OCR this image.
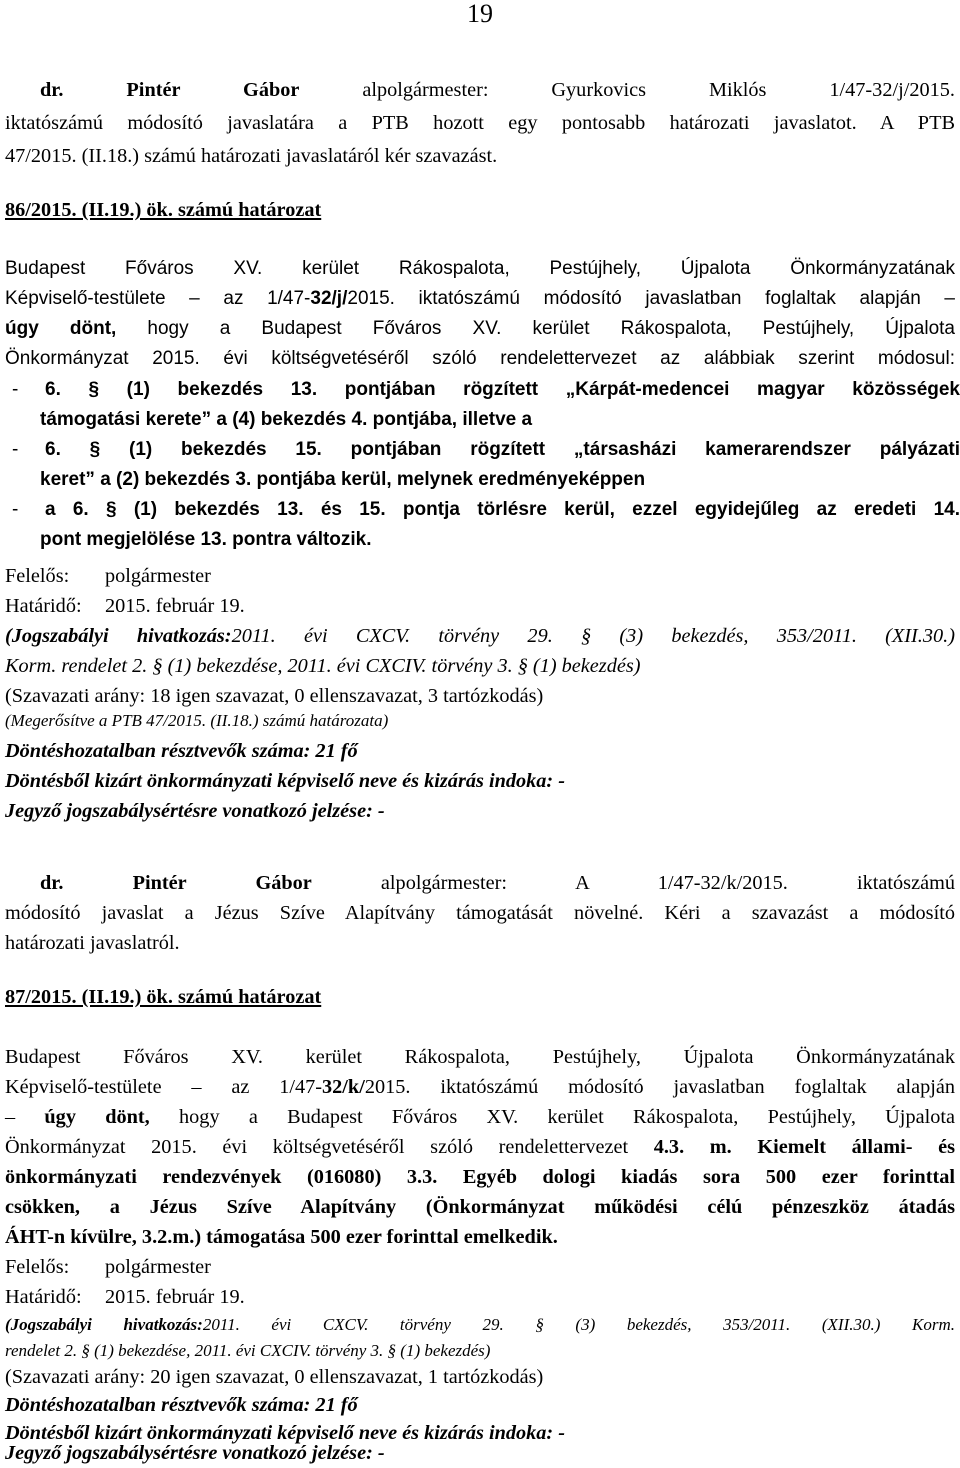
19
dr. Pintér Gábor alpolgármester: Gyurkovics Miklós 1/47-32/j/2015.
iktatószámú módosító javaslatára a PTB hozott egy pontosabb határozati javaslatot. A PTB
47/2015. (II.18.) számú határozati javaslatáról kér szavazást.
86/2015. (II.19.) ök. számú határozat
Budapest Főváros XV. kerület Rákospalota, Pestújhely, Újpalota Önkormányzatának
Képviselő-testülete – az 1/47-32/j/2015. iktatószámú módosító javaslatban foglaltak alapján –
úgy dönt, hogy a Budapest Főváros XV. kerület Rákospalota, Pestújhely, Újpalota
Önkormányzat 2015. évi költségvetéséről szóló rendelettervezet az alábbiak szerint módosul:
- 6. § (1) bekezdés 13. pontjában rögzített „Kárpát-medencei magyar közösségek
támogatási kerete” a (4) bekezdés 4. pontjába, illetve a
- 6. § (1) bekezdés 15. pontjában rögzített „társasházi kamerarendszer pályázati
keret” a (2) bekezdés 3. pontjába kerül, melynek eredményeképpen
- a 6. § (1) bekezdés 13. és 15. pontja törlésre kerül, ezzel egyidejűleg az eredeti 14.
pont megjelölése 13. pontra változik.
Felelős: polgármester
Határidő: 2015. február 19.
(Jogszabályi hivatkozás:2011. évi CXCV. törvény 29. § (3) bekezdés, 353/2011. (XII.30.)
Korm. rendelet 2. § (1) bekezdése, 2011. évi CXCIV. törvény 3. § (1) bekezdés)
(Szavazati arány: 18 igen szavazat, 0 ellenszavazat, 3 tartózkodás)
(Megerősítve a PTB 47/2015. (II.18.) számú határozata)
Döntéshozatalban résztvevők száma: 21 fő
Döntésből kizárt önkormányzati képviselő neve és kizárás indoka: -
Jegyző jogszabálysértésre vonatkozó jelzése: -
dr. Pintér Gábor alpolgármester: A 1/47-32/k/2015. iktatószámú
módosító javaslat a Jézus Szíve Alapítvány támogatását növelné. Kéri a szavazást a módosító
határozati javaslatról.
87/2015. (II.19.) ök. számú határozat
Budapest Főváros XV. kerület Rákospalota, Pestújhely, Újpalota Önkormányzatának
Képviselő-testülete – az 1/47-32/k/2015. iktatószámú módosító javaslatban foglaltak alapján
– úgy dönt, hogy a Budapest Főváros XV. kerület Rákospalota, Pestújhely, Újpalota
Önkormányzat 2015. évi költségvetéséről szóló rendelettervezet 4.3. m. Kiemelt állami- és
önkormányzati rendezvények (016080) 3.3. Egyéb dologi kiadás sora 500 ezer forinttal
csökken, a Jézus Szíve Alapítvány (Önkormányzat működési célú pénzeszköz átadás
ÁHT-n kívülre, 3.2.m.) támogatása 500 ezer forinttal emelkedik.
Felelős: polgármester
Határidő: 2015. február 19.
(Jogszabályi hivatkozás:2011. évi CXCV. törvény 29. § (3) bekezdés, 353/2011. (XII.30.) Korm.
rendelet 2. § (1) bekezdése, 2011. évi CXCIV. törvény 3. § (1) bekezdés)
(Szavazati arány: 20 igen szavazat, 0 ellenszavazat, 1 tartózkodás)
Döntéshozatalban résztvevők száma: 21 fő
Döntésből kizárt önkormányzati képviselő neve és kizárás indoka: -
Jegyző jogszabálysértésre vonatkozó jelzése: -
